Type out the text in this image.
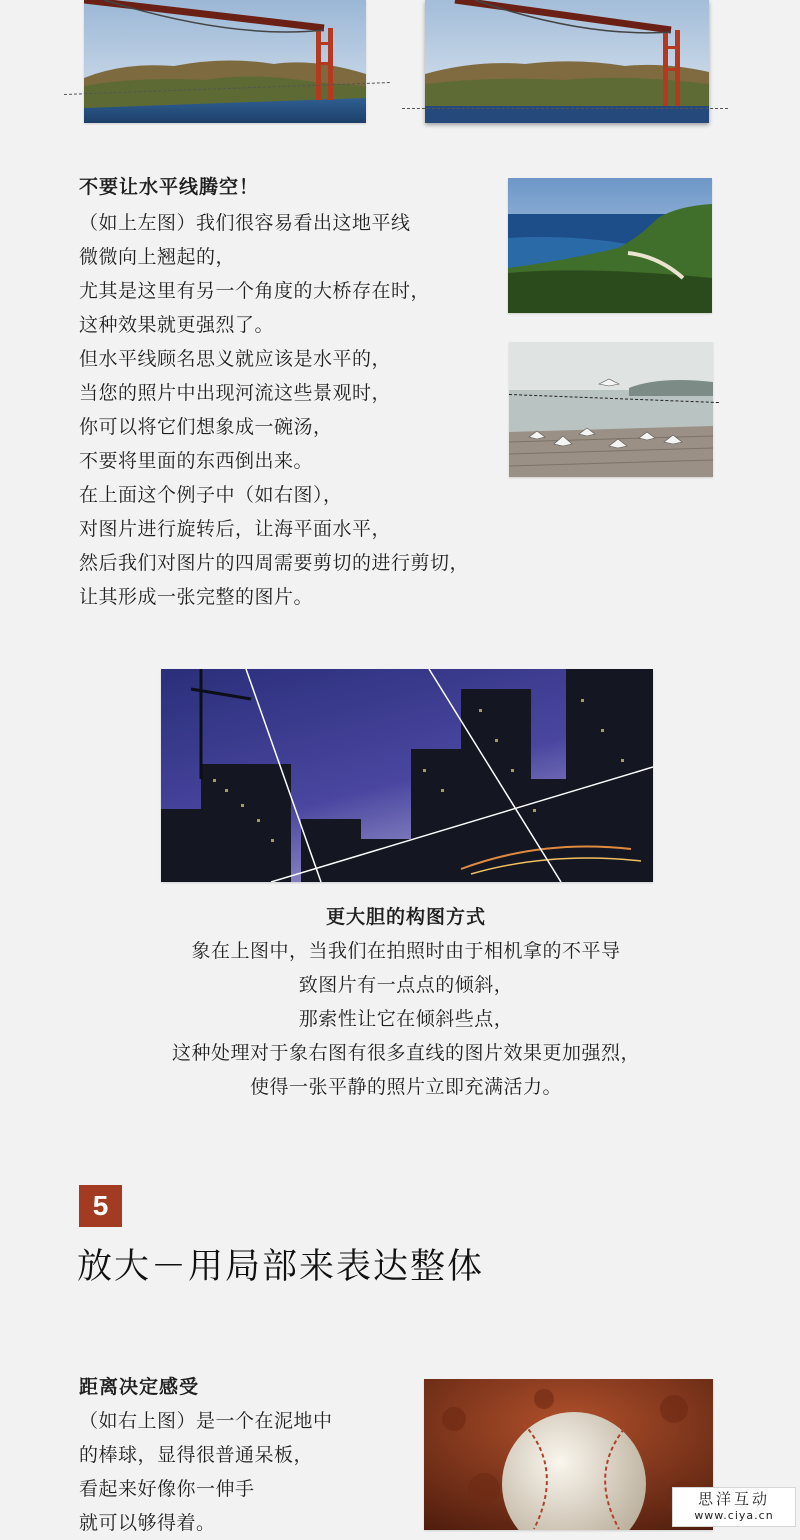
不要让水平线腾空！
（如上左图）我们很容易看出这地平线
微微向上翘起的，
尤其是这里有另一个角度的大桥存在时，
这种效果就更强烈了。
但水平线顾名思义就应该是水平的，
当您的照片中出现河流这些景观时，
你可以将它们想象成一碗汤，
不要将里面的东西倒出来。
在上面这个例子中（如右图），
对图片进行旋转后，让海平面水平，
然后我们对图片的四周需要剪切的进行剪切，
让其形成一张完整的图片。
更大胆的构图方式
象在上图中，当我们在拍照时由于相机拿的不平导
致图片有一点点的倾斜，
那索性让它在倾斜些点，
这种处理对于象右图有很多直线的图片效果更加强烈，
使得一张平静的照片立即充满活力。
5
放大－用局部来表达整体
距离决定感受
（如右上图）是一个在泥地中
的棒球，显得很普通呆板，
看起来好像你一伸手
就可以够得着。
思洋互动
www.ciya.cn
